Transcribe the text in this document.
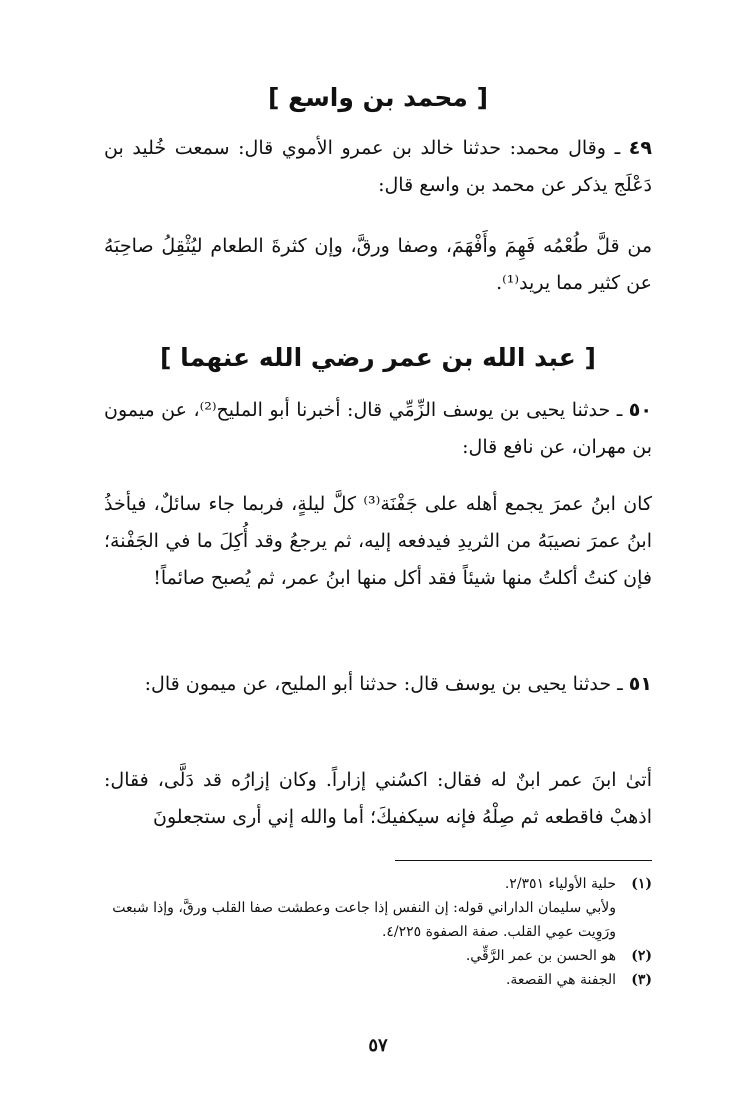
[ محمد بن واسع ]
٤٩ ـ وقال محمد: حدثنا خالد بن عمرو الأموي قال: سمعت خُليد بن دَعْلَج يذكر عن محمد بن واسع قال:
من قلَّ طُعْمُه فَهِمَ وأَفْهَمَ، وصفا ورقَّ، وإن كثرةَ الطعام ليُثْقِلُ صاحِبَهُ عن كثير مما يريد⁽¹⁾.
[ عبد الله بن عمر رضي الله عنهما ]
٥٠ ـ حدثنا يحيى بن يوسف الزِّمِّي قال: أخبرنا أبو المليح⁽²⁾، عن ميمون بن مهران، عن نافع قال:
كان ابنُ عمرَ يجمع أهله على جَفْنَة⁽³⁾ كلَّ ليلةٍ، فربما جاء سائلٌ، فيأخذُ ابنُ عمرَ نصيبَهُ من الثريدِ فيدفعه إليه، ثم يرجعُ وقد أُكِلَ ما في الجَفْنة؛ فإن كنتُ أكلتُ منها شيئاً فقد أكل منها ابنُ عمر، ثم يُصبح صائماً!
٥١ ـ حدثنا يحيى بن يوسف قال: حدثنا أبو المليح، عن ميمون قال:
أتىٰ ابنَ عمر ابنٌ له فقال: اكسُني إزاراً. وكان إزارُه قد دَلَّى، فقال: اذهبْ فاقطعه ثم صِلْهُ فإنه سيكفيكَ؛ أما والله إني أرى ستجعلونَ
(١)
حلية الأولياء ٢/٣٥١.
ولأبي سليمان الداراني قوله: إن النفس إذا جاعت وعطشت صفا القلب ورقَّ، وإذا شبعت ورَوِيت عمِي القلب. صفة الصفوة ٤/٢٢٥.
(٢)
هو الحسن بن عمر الرَّقِّي.
(٣)
الجفنة هي القصعة.
٥٧
